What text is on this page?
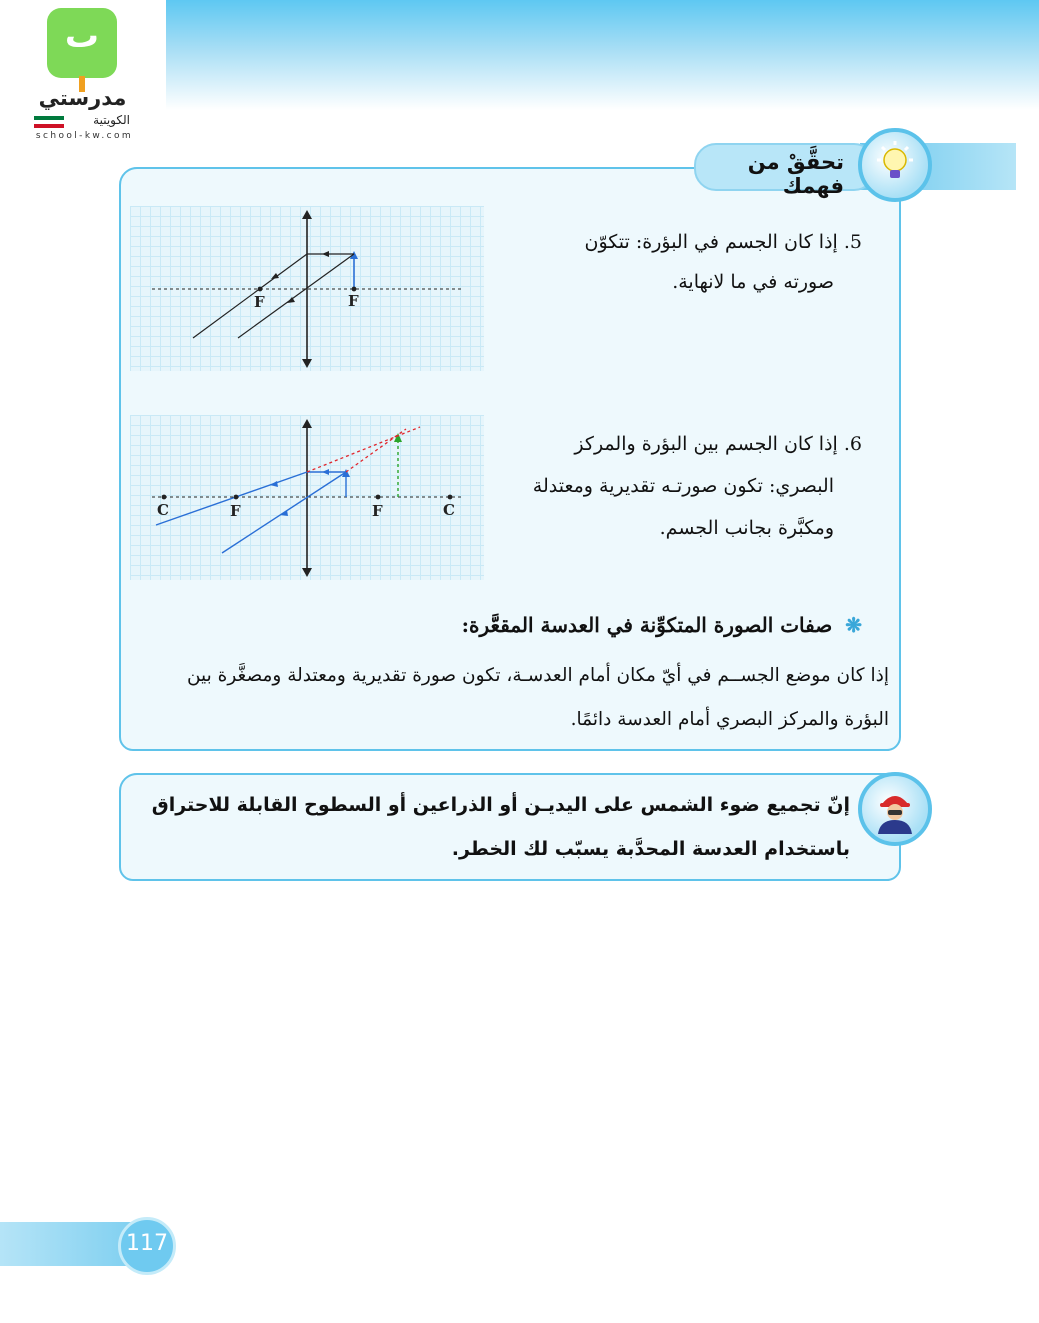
ٮ
مدرستي
الكويتية
school-kw.com
تحقَّقْ من فهمك
F	F
5. إذا كان الجسم في البؤرة: تتكوّن
صورته في ما لانهاية.
C	F	F	C
6. إذا كان الجسم بين البؤرة والمركز
البصري: تكون صورتـه تقديرية ومعتدلة
ومكبَّرة بجانب الجسم.
❋ صفات الصورة المتكوِّنة في العدسة المقعَّرة:
إذا كان موضع الجســم في أيّ مكان أمام العدسـة، تكون صورة تقديرية ومعتدلة ومصغَّرة بين
البؤرة والمركز البصري أمام العدسة دائمًا.
إنّ تجميع ضوء الشمس على اليديـن أو الذراعين أو السطوح القابلة للاحتراق
باستخدام العدسة المحدَّبة يسبّب لك الخطر.
117
